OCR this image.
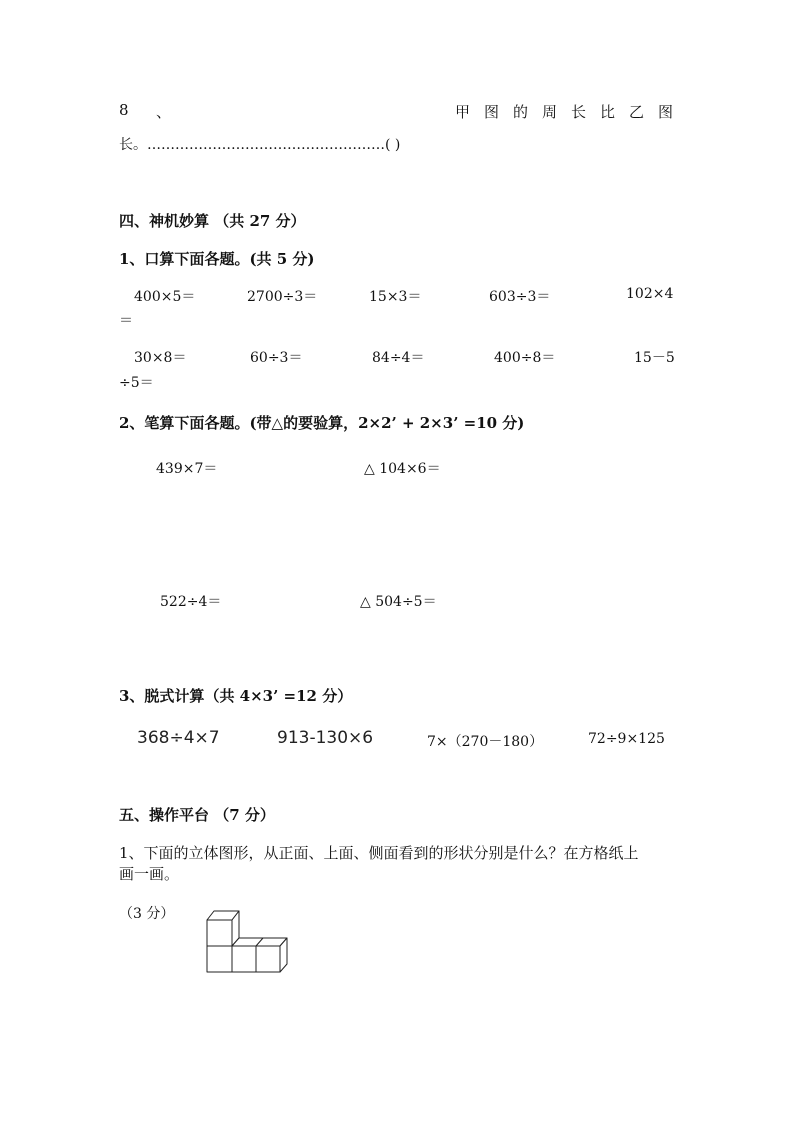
8 、	甲 图 的 周 长 比 乙 图
长。……………………………………………( )
四、神机妙算 （共 27 分）
1、口算下面各题。(共 5 分)
400×5＝	2700÷3＝	15×3＝	603÷3＝	102×4
＝
30×8＝	60÷3＝	84÷4＝	400÷8＝	15－5
÷5＝
2、笔算下面各题。(带△的要验算，2×2’ + 2×3’ =10 分)
439×7＝	△ 104×6＝
522÷4＝	△ 504÷5＝
3、脱式计算（共 4×3’ =12 分）
368÷4×7	913-130×6	7×（270－180）	72÷9×125
五、操作平台 （7 分）
1、下面的立体图形，从正面、上面、侧面看到的形状分别是什么？在方格纸上
画一画。
（3 分）
